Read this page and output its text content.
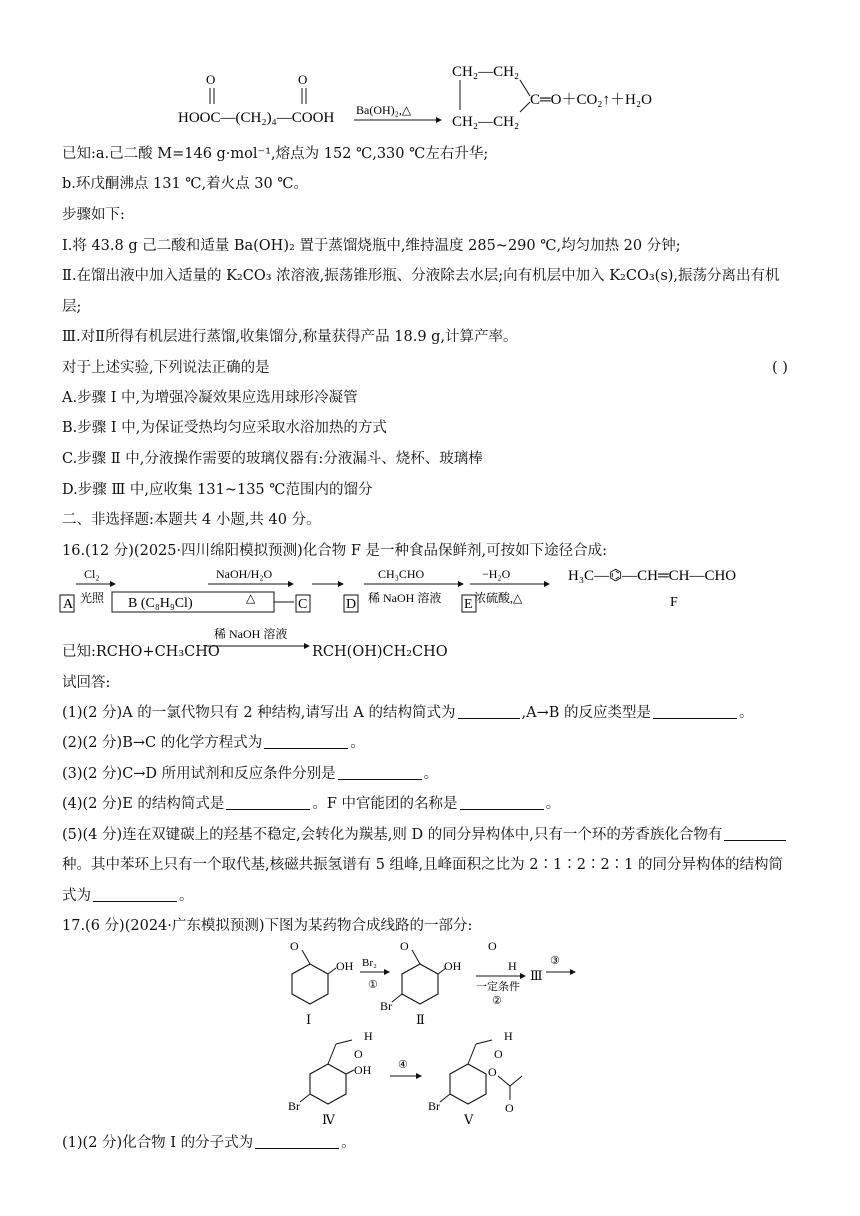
HOOC—(CH₂)₄—COOH
O	O
Ba(OH)₂,△
CH₂—CH₂
CH₂—CH₂
C═O＋CO₂↑＋H₂O
已知:a.己二酸 M=146 g·mol⁻¹,熔点为 152 ℃,330 ℃左右升华;
b.环戊酮沸点 131 ℃,着火点 30 ℃。
步骤如下:
Ⅰ.将 43.8 g 己二酸和适量 Ba(OH)₂ 置于蒸馏烧瓶中,维持温度 285~290 ℃,均匀加热 20 分钟;
Ⅱ.在馏出液中加入适量的 K₂CO₃ 浓溶液,振荡锥形瓶、分液除去水层;向有机层中加入 K₂CO₃(s),振荡分离出有机
层;
Ⅲ.对Ⅱ所得有机层进行蒸馏,收集馏分,称量获得产品 18.9 g,计算产率。
对于上述实验,下列说法正确的是	( )
A.步骤 Ⅰ 中,为增强冷凝效果应选用球形冷凝管
B.步骤 Ⅰ 中,为保证受热均匀应采取水浴加热的方式
C.步骤 Ⅱ 中,分液操作需要的玻璃仪器有:分液漏斗、烧杯、玻璃棒
D.步骤 Ⅲ 中,应收集 131~135 ℃范围内的馏分
二、非选择题:本题共 4 小题,共 40 分。
16.(12 分)(2025·四川绵阳模拟预测)化合物 F 是一种食品保鲜剂,可按如下途径合成:
A
Cl₂
光照 B (C₈H₉Cl)
NaOH/H₂O
△	C	D
CH₃CHO
稀 NaOH 溶液
−H₂O
浓硫酸,△
E
H₃C—⌬—CH═CH—CHO
F
已知:RCHO+CH₃CHO
稀 NaOH 溶液
RCH(OH)CH₂CHO
试回答:
(1)(2 分)A 的一氯代物只有 2 种结构,请写出 A 的结构简式为	,A→B 的反应类型是	。
(2)(2 分)B→C 的化学方程式为	。
(3)(2 分)C→D 所用试剂和反应条件分别是	。
(4)(2 分)E 的结构简式是	。F 中官能团的名称是	。
(5)(4 分)连在双键碳上的羟基不稳定,会转化为羰基,则 D 的同分异构体中,只有一个环的芳香族化合物有
种。其中苯环上只有一个取代基,核磁共振氢谱有 5 组峰,且峰面积之比为 2∶1∶2∶2∶1 的同分异构体的结构简
式为	。
17.(6 分)(2024·广东模拟预测)下图为某药物合成线路的一部分:
O
OH
Ⅰ
Br₂
①
O
OH
Br
Ⅱ
O
H
一定条件
②
Ⅲ
③
O
H
OH
Br
Ⅳ
④
O
H
O
O
Br
Ⅴ
(1)(2 分)化合物 Ⅰ 的分子式为	。
